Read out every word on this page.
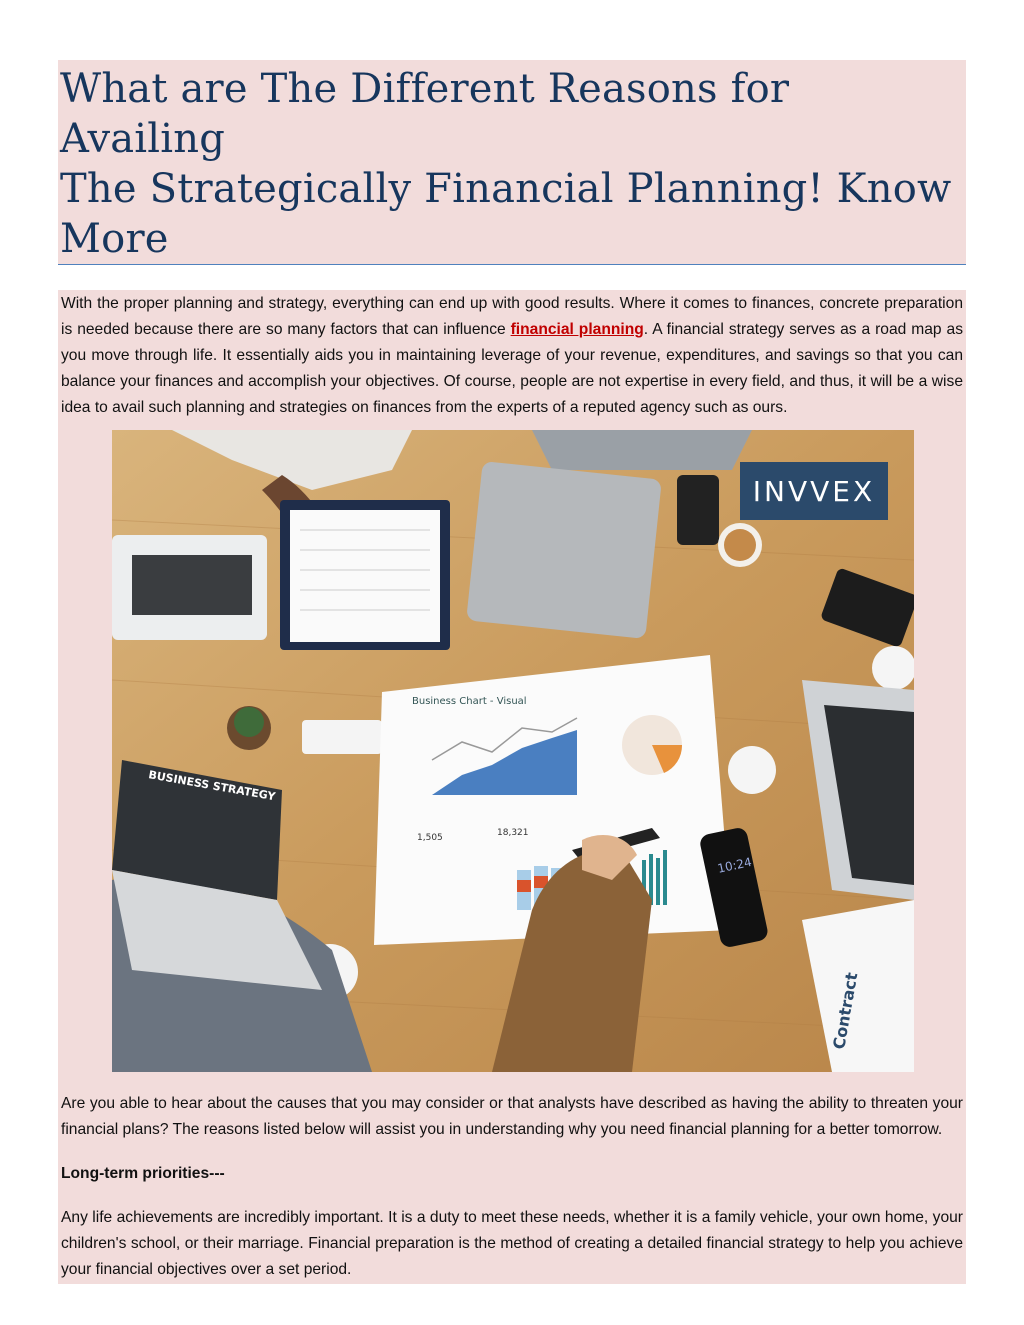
What are The Different Reasons for Availing
The Strategically Financial Planning! Know More

With the proper planning and strategy, everything can end up with good results. Where it comes to finances, concrete preparation is needed because there are so many factors that can influence financial planning. A financial strategy serves as a road map as you move through life. It essentially aids you in maintaining leverage of your revenue, expenditures, and savings so that you can balance your finances and accomplish your objectives. Of course, people are not expertise in every field, and thus, it will be a wise idea to avail such planning and strategies on finances from the experts of a reputed agency such as ours.

Business Chart - Visual
1,505	18,321
BUSINESS STRATEGY
10:24
Contract
INVVEX

Are you able to hear about the causes that you may consider or that analysts have described as having the ability to threaten your financial plans? The reasons listed below will assist you in understanding why you need financial planning for a better tomorrow.

Long-term priorities---

Any life achievements are incredibly important. It is a duty to meet these needs, whether it is a family vehicle, your own home, your children's school, or their marriage. Financial preparation is the method of creating a detailed financial strategy to help you achieve your financial objectives over a set period.
